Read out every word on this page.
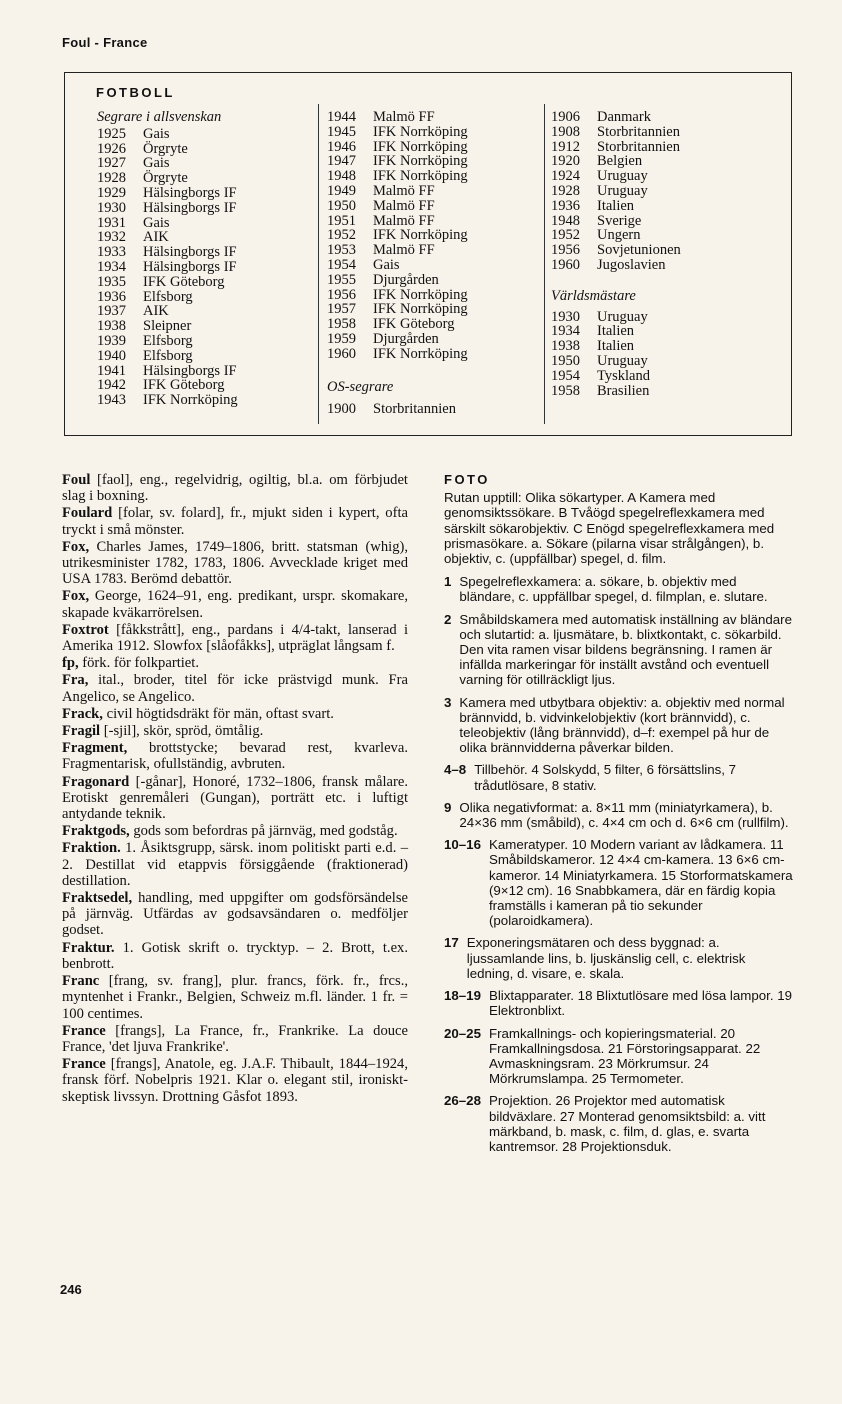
Foul - France
FOTBOLL
Segrare i allsvenskan
1925	Gais
1926	Örgryte
1927	Gais
1928	Örgryte
1929	Hälsingborgs IF
1930	Hälsingborgs IF
1931	Gais
1932	AIK
1933	Hälsingborgs IF
1934	Hälsingborgs IF
1935	IFK Göteborg
1936	Elfsborg
1937	AIK
1938	Sleipner
1939	Elfsborg
1940	Elfsborg
1941	Hälsingborgs IF
1942	IFK Göteborg
1943	IFK Norrköping
1944	Malmö FF
1945	IFK Norrköping
1946	IFK Norrköping
1947	IFK Norrköping
1948	IFK Norrköping
1949	Malmö FF
1950	Malmö FF
1951	Malmö FF
1952	IFK Norrköping
1953	Malmö FF
1954	Gais
1955	Djurgården
1956	IFK Norrköping
1957	IFK Norrköping
1958	IFK Göteborg
1959	Djurgården
1960	IFK Norrköping
OS-segrare
1900	Storbritannien
1906	Danmark
1908	Storbritannien
1912	Storbritannien
1920	Belgien
1924	Uruguay
1928	Uruguay
1936	Italien
1948	Sverige
1952	Ungern
1956	Sovjetunionen
1960	Jugoslavien
Världsmästare
1930	Uruguay
1934	Italien
1938	Italien
1950	Uruguay
1954	Tyskland
1958	Brasilien
Foul [faol], eng., regelvidrig, ogiltig, bl.a. om förbjudet slag i boxning.
Foulard [folar, sv. folard], fr., mjukt siden i kypert, ofta tryckt i små mönster.
Fox, Charles James, 1749–1806, britt. statsman (whig), utrikesminister 1782, 1783, 1806. Avvecklade kriget med USA 1783. Berömd debattör.
Fox, George, 1624–91, eng. predikant, urspr. skomakare, skapade kväkarrörelsen.
Foxtrot [fåkkstrått], eng., pardans i 4/4-takt, lanserad i Amerika 1912. Slowfox [slåofåkks], utpräglat långsam f.
fp, förk. för folkpartiet.
Fra, ital., broder, titel för icke prästvigd munk. Fra Angelico, se Angelico.
Frack, civil högtidsdräkt för män, oftast svart.
Fragil [-sjil], skör, spröd, ömtålig.
Fragment, brottstycke; bevarad rest, kvarleva. Fragmentarisk, ofullständig, avbruten.
Fragonard [-gånar], Honoré, 1732–1806, fransk målare. Erotiskt genremåleri (Gungan), porträtt etc. i luftigt antydande teknik.
Fraktgods, gods som befordras på järnväg, med godståg.
Fraktion. 1. Åsiktsgrupp, särsk. inom politiskt parti e.d. – 2. Destillat vid etappvis försiggående (fraktionerad) destillation.
Fraktsedel, handling, med uppgifter om godsförsändelse på järnväg. Utfärdas av godsavsändaren o. medföljer godset.
Fraktur. 1. Gotisk skrift o. trycktyp. – 2. Brott, t.ex. benbrott.
Franc [frang, sv. frang], plur. francs, förk. fr., frcs., myntenhet i Frankr., Belgien, Schweiz m.fl. länder. 1 fr. = 100 centimes.
France [frangs], La France, fr., Frankrike. La douce France, 'det ljuva Frankrike'.
France [frangs], Anatole, eg. J.A.F. Thibault, 1844–1924, fransk förf. Nobelpris 1921. Klar o. elegant stil, ironiskt-skeptisk livssyn. Drottning Gåsfot 1893.
FOTO
Rutan upptill: Olika sökartyper. A Kamera med genomsiktssökare. B Tvåögd spegelreflexkamera med särskilt sökarobjektiv. C Enögd spegelreflexkamera med prismasökare. a. Sökare (pilarna visar strålgången), b. objektiv, c. (uppfällbar) spegel, d. film.
1 Spegelreflexkamera: a. sökare, b. objektiv med bländare, c. uppfällbar spegel, d. filmplan, e. slutare.
2 Småbildskamera med automatisk inställning av bländare och slutartid: a. ljusmätare, b. blixtkontakt, c. sökarbild. Den vita ramen visar bildens begränsning. I ramen är infällda markeringar för inställt avstånd och eventuell varning för otillräckligt ljus.
3 Kamera med utbytbara objektiv: a. objektiv med normal brännvidd, b. vidvinkelobjektiv (kort brännvidd), c. teleobjektiv (lång brännvidd), d–f: exempel på hur de olika brännvidderna påverkar bilden.
4–8 Tillbehör. 4 Solskydd, 5 filter, 6 försättslins, 7 trådutlösare, 8 stativ.
9 Olika negativformat: a. 8×11 mm (miniatyrkamera), b. 24×36 mm (småbild), c. 4×4 cm och d. 6×6 cm (rullfilm).
10–16 Kameratyper. 10 Modern variant av lådkamera. 11 Småbildskameror. 12 4×4 cm-kamera. 13 6×6 cm-kameror. 14 Miniatyrkamera. 15 Storformatskamera (9×12 cm). 16 Snabbkamera, där en färdig kopia framställs i kameran på tio sekunder (polaroidkamera).
17 Exponeringsmätaren och dess byggnad: a. ljussamlande lins, b. ljuskänslig cell, c. elektrisk ledning, d. visare, e. skala.
18–19 Blixtapparater. 18 Blixtutlösare med lösa lampor. 19 Elektronblixt.
20–25 Framkallnings- och kopieringsmaterial. 20 Framkallningsdosa. 21 Förstoringsapparat. 22 Avmaskningsram. 23 Mörkrumsur. 24 Mörkrumslampa. 25 Termometer.
26–28 Projektion. 26 Projektor med automatisk bildväxlare. 27 Monterad genomsiktsbild: a. vitt märkband, b. mask, c. film, d. glas, e. svarta kantremsor. 28 Projektionsduk.
246
